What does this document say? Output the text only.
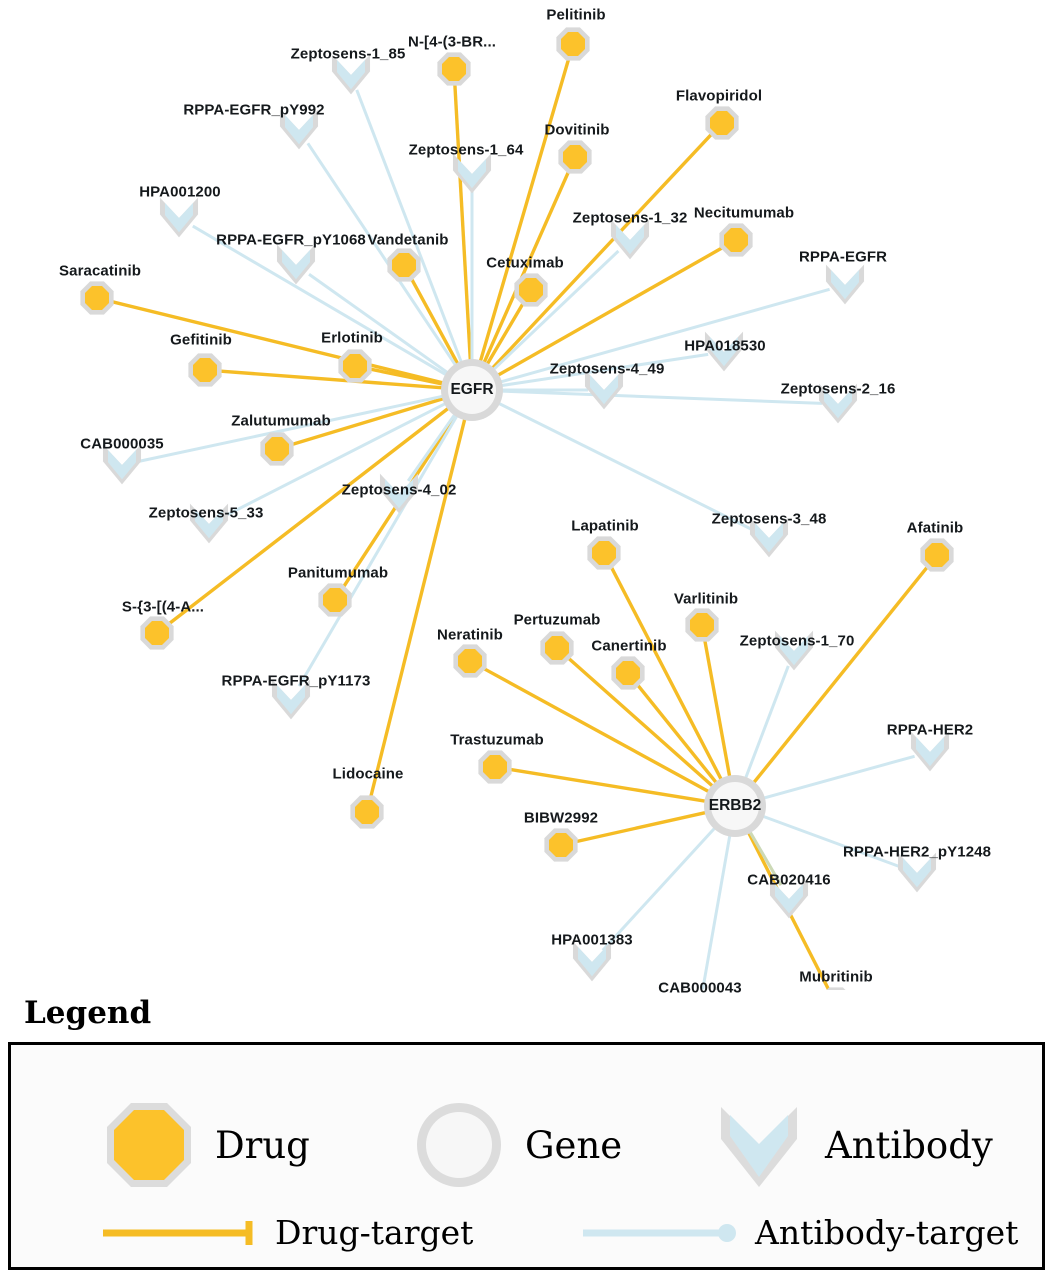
Zeptosens-1_85
RPPA-EGFR_pY992
Zeptosens-1_64
HPA001200
Zeptosens-1_32
RPPA-EGFR_pY1068
RPPA-EGFR
HPA018530
Zeptosens-4_49
Zeptosens-2_16
CAB000035
Zeptosens-4_02
Zeptosens-5_33	Zeptosens-3_48
RPPA-EGFR_pY1173
Zeptosens-1_70
RPPA-HER2
RPPA-HER2_pY1248
CAB020416
HPA001383
CAB000043
Pelitinib
N-[4-(3-BR...
Flavopiridol
Dovitinib
Necitumumab
Vandetanib
Cetuximab
Saracatinib
Gefitinib	Erlotinib
Zalutumumab
Afatinib
Lapatinib
Varlitinib
Panitumumab
S-{3-[(4-A...
Pertuzumab
Canertinib
Neratinib
Trastuzumab
Lidocaine
BIBW2992
Mubritinib
EGFR
ERBB2
Legend
Drug	Gene	Antibody
Drug-target	Antibody-target
